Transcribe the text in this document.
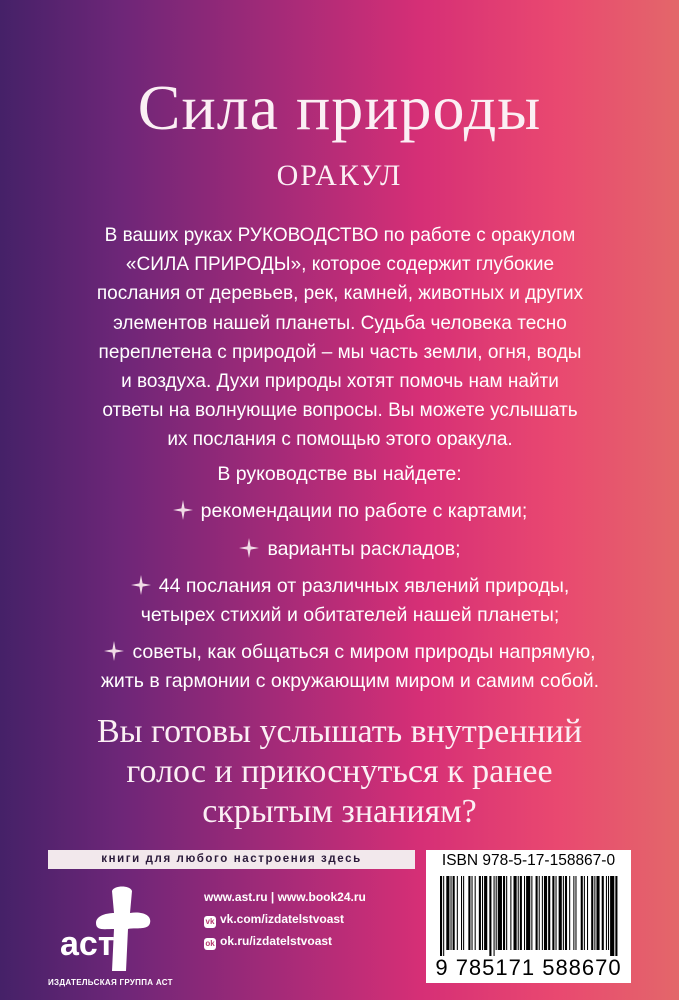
Сила природы
ОРАКУЛ

В ваших руках РУКОВОДСТВО по работе с оракулом
«СИЛА ПРИРОДЫ», которое содержит глубокие
послания от деревьев, рек, камней, животных и других
элементов нашей планеты. Судьба человека тесно
переплетена с природой – мы часть земли, огня, воды
и воздуха. Духи природы хотят помочь нам найти
ответы на волнующие вопросы. Вы можете услышать
их послания с помощью этого оракула.

В руководстве вы найдете:
рекомендации по работе с картами;
варианты раскладов;
44 послания от различных явлений природы,
четырех стихий и обитателей нашей планеты;
советы, как общаться с миром природы напрямую,
жить в гармонии с окружающим миром и самим собой.
Вы готовы услышать внутренний
голос и прикоснуться к ранее
скрытым знаниям?
книги для любого настроения здесь
аст
ИЗДАТЕЛЬСКАЯ ГРУППА АСТ
www.ast.ru | www.book24.ru
vk vk.com/izdatelstvoast
ok ok.ru/izdatelstvoast
ISBN 978-5-17-158867-0
9 785171 588670
